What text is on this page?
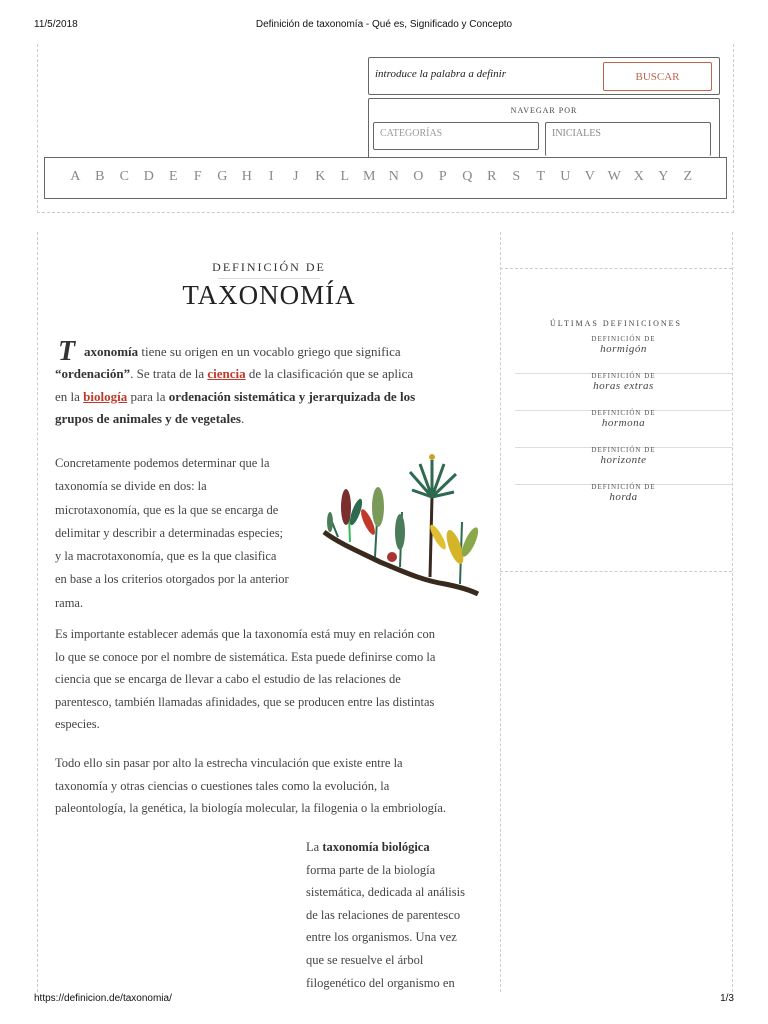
11/5/2018	Definición de taxonomía - Qué es, Significado y Concepto
introduce la palabra a definir	BUSCAR
NAVEGAR POR
CATEGORÍAS	INICIALES
A	B	C	D	E	F	G	H	I	J	K	L M N	O	P	Q	R	S	T	U	V W X	Y	Z
DEFINICIÓN DE
TAXONOMÍA
T axonomía tiene su origen en un vocablo griego que significa
“ordenación”. Se trata de la ciencia de la clasificación que se aplica
en la biología para la ordenación sistemática y jerarquizada de los
grupos de animales y de vegetales.
Concretamente podemos determinar que la
taxonomía se divide en dos: la
microtaxonomía, que es la que se encarga de
delimitar y describir a determinadas especies;
y la macrotaxonomía, que es la que clasifica
en base a los criterios otorgados por la anterior
rama.
Es importante establecer además que la taxonomía está muy en relación con
lo que se conoce por el nombre de sistemática. Esta puede definirse como la
ciencia que se encarga de llevar a cabo el estudio de las relaciones de
parentesco, también llamadas afinidades, que se producen entre las distintas
especies.
Todo ello sin pasar por alto la estrecha vinculación que existe entre la
taxonomía y otras ciencias o cuestiones tales como la evolución, la
paleontología, la genética, la biología molecular, la filogenia o la embriología.
La taxonomía biológica
forma parte de la biología
sistemática, dedicada al análisis
de las relaciones de parentesco
entre los organismos. Una vez
que se resuelve el árbol
filogenético del organismo en
ÚLTIMAS DEFINICIONES
DEFINICIÓN DE
hormigón
DEFINICIÓN DE
horas extras
DEFINICIÓN DE
hormona
DEFINICIÓN DE
horizonte
DEFINICIÓN DE
horda
https://definicion.de/taxonomia/	1/3
